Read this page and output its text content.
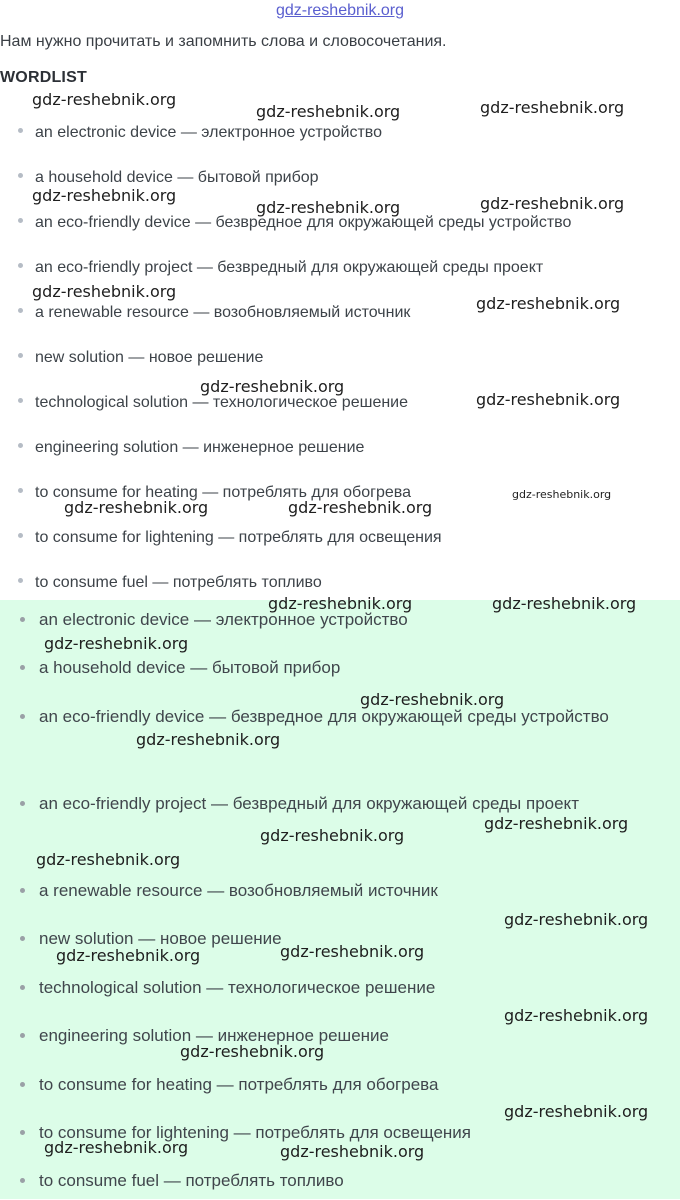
gdz-reshebnik.org
Нам нужно прочитать и запомнить слова и словосочетания.
WORDLIST
an electronic device — электронное устройство
a household device — бытовой прибор
an eco-friendly device — безвредное для окружающей среды устройство
an eco-friendly project — безвредный для окружающей среды проект
a renewable resource — возобновляемый источник
new solution — новое решение
technological solution — технологическое решение
engineering solution — инженерное решение
to consume for heating — потреблять для обогрева
to consume for lightening — потреблять для освещения
to consume fuel — потреблять топливо
an electronic device — электронное устройство
a household device — бытовой прибор
an eco-friendly device — безвредное для окружающей среды устройство
an eco-friendly project — безвредный для окружающей среды проект
a renewable resource — возобновляемый источник
new solution — новое решение
technological solution — технологическое решение
engineering solution — инженерное решение
to consume for heating — потреблять для обогрева
to consume for lightening — потреблять для освещения
to consume fuel — потреблять топливо
gdz-reshebnik.org
gdz-reshebnik.org	gdz-reshebnik.org
gdz-reshebnik.org
gdz-reshebnik.org	gdz-reshebnik.org
gdz-reshebnik.org
gdz-reshebnik.org
gdz-reshebnik.org
gdz-reshebnik.org
gdz-reshebnik.org
gdz-reshebnik.org	gdz-reshebnik.org
gdz-reshebnik.org	gdz-reshebnik.org
gdz-reshebnik.org
gdz-reshebnik.org
gdz-reshebnik.org
gdz-reshebnik.org
gdz-reshebnik.org
gdz-reshebnik.org
gdz-reshebnik.org
gdz-reshebnik.org
gdz-reshebnik.org
gdz-reshebnik.org
gdz-reshebnik.org
gdz-reshebnik.org
gdz-reshebnik.org	gdz-reshebnik.org
